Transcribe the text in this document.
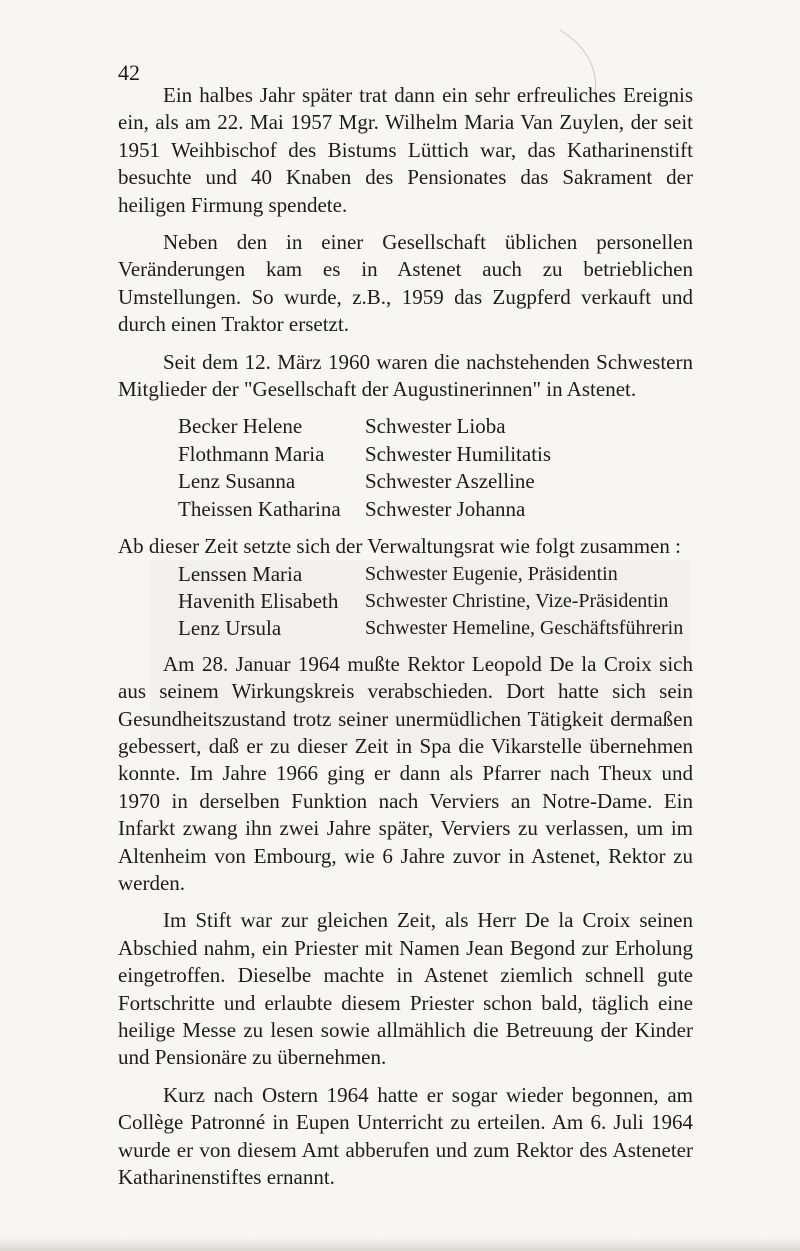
42

Ein halbes Jahr später trat dann ein sehr erfreuliches Ereignis ein, als am 22. Mai 1957 Mgr. Wilhelm Maria Van Zuylen, der seit 1951 Weihbischof des Bistums Lüttich war, das Katharinenstift besuchte und 40 Knaben des Pensionates das Sakrament der heiligen Firmung spendete.

Neben den in einer Gesellschaft üblichen personellen Veränderungen kam es in Astenet auch zu betrieblichen Umstellungen. So wurde, z.B., 1959 das Zugpferd verkauft und durch einen Traktor ersetzt.

Seit dem 12. März 1960 waren die nachstehenden Schwestern Mitglieder der "Gesellschaft der Augustinerinnen" in Astenet.

Becker Helene	Schwester Lioba
Flothmann Maria	Schwester Humilitatis
Lenz Susanna	Schwester Aszelline
Theissen Katharina	Schwester Johanna

Ab dieser Zeit setzte sich der Verwaltungsrat wie folgt zusammen :

Lenssen Maria	Schwester Eugenie, Präsidentin
Havenith Elisabeth	Schwester Christine, Vize-Präsidentin
Lenz Ursula	Schwester Hemeline, Geschäftsführerin

Am 28. Januar 1964 mußte Rektor Leopold De la Croix sich aus seinem Wirkungskreis verabschieden. Dort hatte sich sein Gesundheitszustand trotz seiner unermüdlichen Tätigkeit dermaßen gebessert, daß er zu dieser Zeit in Spa die Vikarstelle übernehmen konnte. Im Jahre 1966 ging er dann als Pfarrer nach Theux und 1970 in derselben Funktion nach Verviers an Notre-Dame. Ein Infarkt zwang ihn zwei Jahre später, Verviers zu verlassen, um im Altenheim von Embourg, wie 6 Jahre zuvor in Astenet, Rektor zu werden.

Im Stift war zur gleichen Zeit, als Herr De la Croix seinen Abschied nahm, ein Priester mit Namen Jean Begond zur Erholung eingetroffen. Dieselbe machte in Astenet ziemlich schnell gute Fortschritte und erlaubte diesem Priester schon bald, täglich eine heilige Messe zu lesen sowie allmählich die Betreuung der Kinder und Pensionäre zu übernehmen.

Kurz nach Ostern 1964 hatte er sogar wieder begonnen, am Collège Patronné in Eupen Unterricht zu erteilen. Am 6. Juli 1964 wurde er von diesem Amt abberufen und zum Rektor des Asteneter Katharinenstiftes ernannt.
